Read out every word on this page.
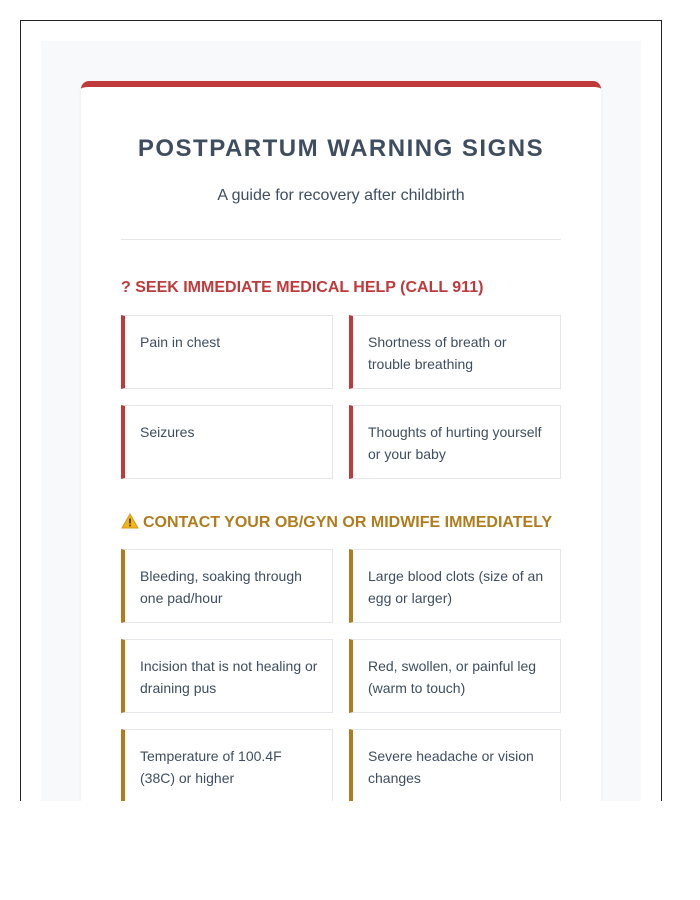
POSTPARTUM WARNING SIGNS

A guide for recovery after childbirth

? SEEK IMMEDIATE MEDICAL HELP (CALL 911)
Pain in chest	Shortness of breath or trouble breathing
Seizures	Thoughts of hurting yourself or your baby
CONTACT YOUR OB/GYN OR MIDWIFE IMMEDIATELY
Bleeding, soaking through one pad/hour
Large blood clots (size of an egg or larger)
Incision that is not healing or draining pus
Red, swollen, or painful leg (warm to touch)
Temperature of 100.4F (38C) or higher
Severe headache or vision changes
